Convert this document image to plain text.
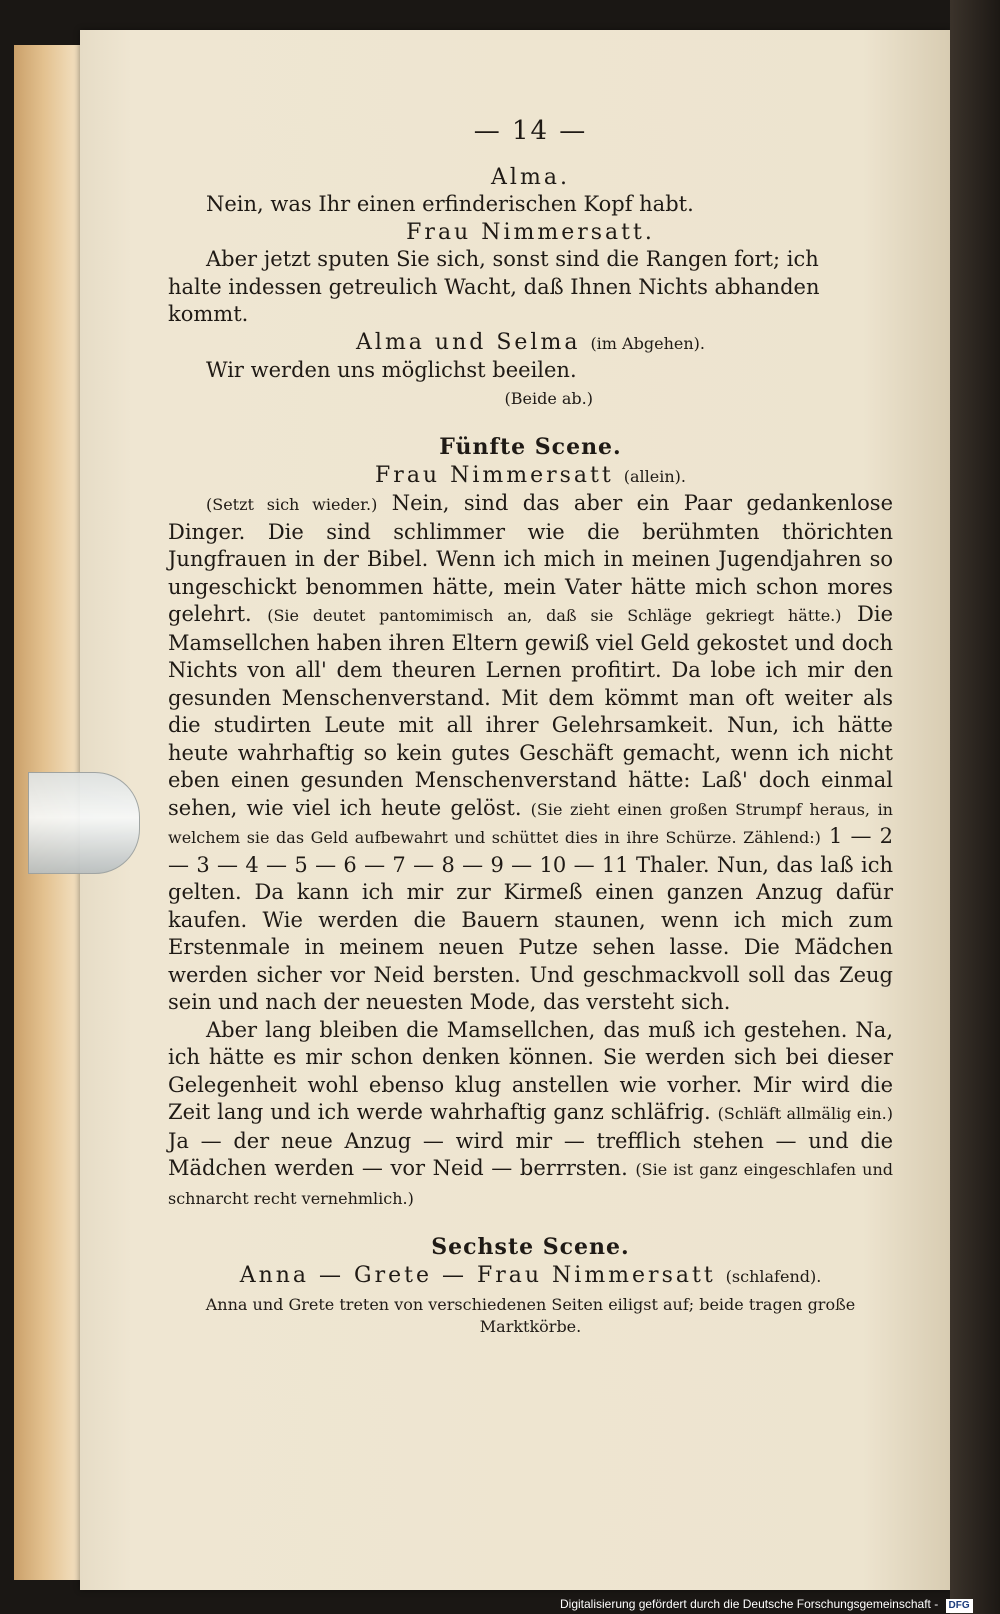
— 14 —
Alma.
Nein, was Ihr einen erfinderischen Kopf habt.
Frau Nimmersatt.
Aber jetzt sputen Sie sich, sonst sind die Rangen fort; ich
halte indessen getreulich Wacht, daß Ihnen Nichts abhanden
kommt.
Alma und Selma (im Abgehen).
Wir werden uns möglichst beeilen.
(Beide ab.)
Fünfte Scene.
Frau Nimmersatt (allein).

(Setzt sich wieder.) Nein, sind das aber ein Paar gedankenlose Dinger. Die sind schlimmer wie die berühmten thörichten Jungfrauen in der Bibel. Wenn ich mich in meinen Jugendjahren so ungeschickt benommen hätte, mein Vater hätte mich schon mores gelehrt. (Sie deutet pantomimisch an, daß sie Schläge gekriegt hätte.) Die Mamsellchen haben ihren Eltern gewiß viel Geld gekostet und doch Nichts von all' dem theuren Lernen profitirt. Da lobe ich mir den gesunden Menschenverstand. Mit dem kömmt man oft weiter als die studirten Leute mit all ihrer Gelehrsamkeit. Nun, ich hätte heute wahrhaftig so kein gutes Geschäft gemacht, wenn ich nicht eben einen gesunden Menschenverstand hätte: Laß' doch einmal sehen, wie viel ich heute gelöst. (Sie zieht einen großen Strumpf heraus, in welchem sie das Geld aufbewahrt und schüttet dies in ihre Schürze. Zählend:) 1 — 2 — 3 — 4 — 5 — 6 — 7 — 8 — 9 — 10 — 11 Thaler. Nun, das laß ich gelten. Da kann ich mir zur Kirmeß einen ganzen Anzug dafür kaufen. Wie werden die Bauern staunen, wenn ich mich zum Erstenmale in meinem neuen Putze sehen lasse. Die Mädchen werden sicher vor Neid bersten. Und geschmackvoll soll das Zeug sein und nach der neuesten Mode, das versteht sich.

Aber lang bleiben die Mamsellchen, das muß ich gestehen. Na, ich hätte es mir schon denken können. Sie werden sich bei dieser Gelegenheit wohl ebenso klug anstellen wie vorher. Mir wird die Zeit lang und ich werde wahrhaftig ganz schläfrig. (Schläft allmälig ein.) Ja — der neue Anzug — wird mir — trefflich stehen — und die Mädchen werden — vor Neid — berrrsten. (Sie ist ganz eingeschlafen und schnarcht recht vernehmlich.)

Sechste Scene.
Anna — Grete — Frau Nimmersatt (schlafend).
Anna und Grete treten von verschiedenen Seiten eiligst auf; beide tragen große Marktkörbe.
Digitalisierung gefördert durch die Deutsche Forschungsgemeinschaft - DFG
